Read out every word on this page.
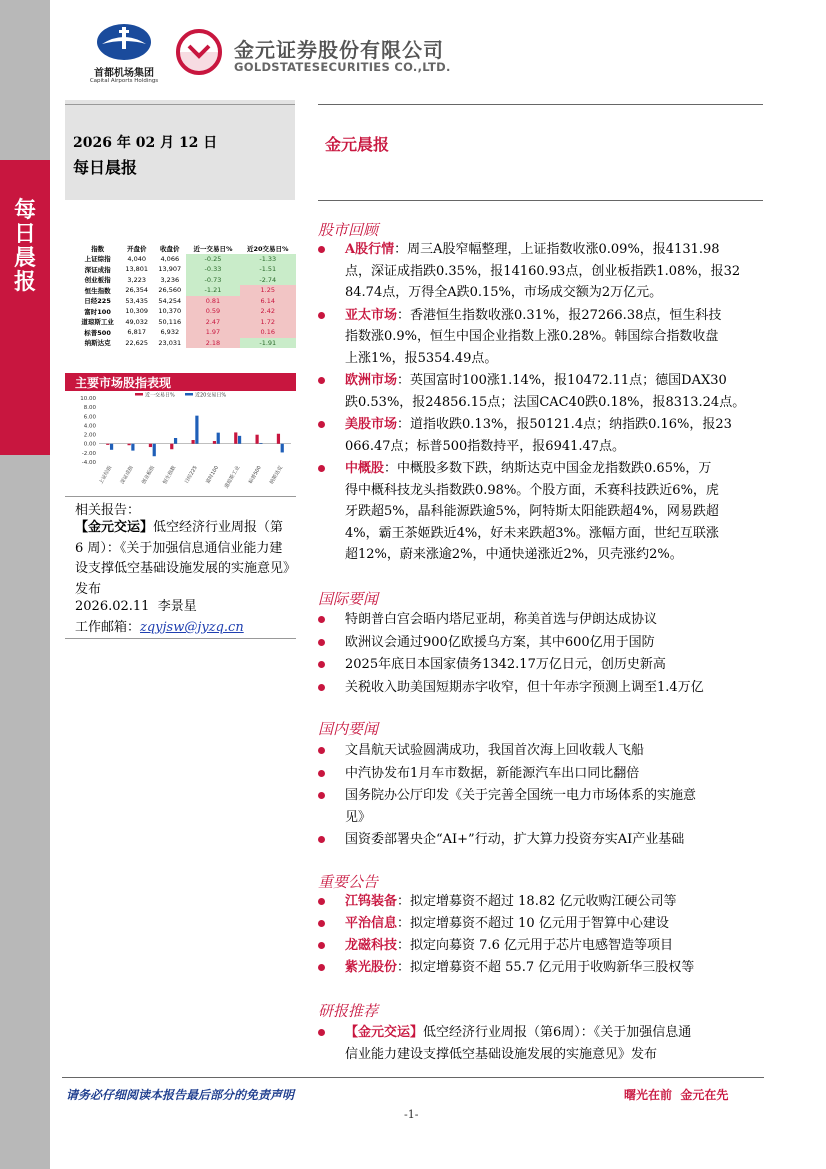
每日晨报
首都机场集团
Capital Airports Holdings
金元证券股份有限公司
GOLDSTATESECURITIES CO.,LTD.
2026 年 02 月 12 日
每日晨报
指数	开盘价	收盘价	近一交易日%	近20交易日%
上证综指	4,040	4,066	-0.25	-1.33
深证成指	13,801	13,907	-0.33	-1.51
创业板指	3,223	3,236	-0.73	-2.74
恒生指数	26,354	26,560	-1.21	1.25
日经225	53,435	54,254	0.81	6.14
富时100	10,309	10,370	0.59	2.42
道琼斯工业	49,032	50,116	2.47	1.72
标普500	6,817	6,932	1.97	0.16
纳斯达克	22,625	23,031	2.18	-1.91
主要市场股指表现
10.00
8.00
6.00
4.00
2.00
0.00
-2.00
-4.00
上证综指 深证成指 创业板指 恒生指数 日经225 富时100 道琼斯工业 标普500 纳斯达克
近一交易日%	近20交易日%
相关报告：
【金元交运】低空经济行业周报（第 6 周）：《关于加强信息通信业能力建设支撑低空基础设施发展的实施意见》发布
2026.02.11  李景星
工作邮箱：zqyjsw@jyzq.cn
金元晨报
股市回顾
A股行情：周三A股窄幅整理，上证指数收涨0.09%，报4131.98
点，深证成指跌0.35%，报14160.93点，创业板指跌1.08%，报32
84.74点，万得全A跌0.15%，市场成交额为2万亿元。
亚太市场：香港恒生指数收涨0.31%，报27266.38点，恒生科技
指数涨0.9%，恒生中国企业指数上涨0.28%。韩国综合指数收盘
上涨1%，报5354.49点。
欧洲市场：英国富时100涨1.14%，报10472.11点；德国DAX30
跌0.53%，报24856.15点；法国CAC40跌0.18%，报8313.24点。
美股市场：道指收跌0.13%，报50121.4点；纳指跌0.16%，报23
066.47点；标普500指数持平，报6941.47点。
中概股：中概股多数下跌，纳斯达克中国金龙指数跌0.65%，万
得中概科技龙头指数跌0.98%。个股方面，禾赛科技跌近6%，虎
牙跌超5%，晶科能源跌逾5%，阿特斯太阳能跌超4%，网易跌超
4%，霸王茶姬跌近4%，好未来跌超3%。涨幅方面，世纪互联涨
超12%，蔚来涨逾2%，中通快递涨近2%，贝壳涨约2%。
国际要闻
特朗普白宫会晤内塔尼亚胡，称美首选与伊朗达成协议
欧洲议会通过900亿欧援乌方案，其中600亿用于国防
2025年底日本国家债务1342.17万亿日元，创历史新高
关税收入助美国短期赤字收窄，但十年赤字预测上调至1.4万亿
国内要闻
文昌航天试验圆满成功，我国首次海上回收载人飞船
中汽协发布1月车市数据，新能源汽车出口同比翻倍
国务院办公厅印发《关于完善全国统一电力市场体系的实施意
见》
国资委部署央企“AI+”行动，扩大算力投资夯实AI产业基础
重要公告
江钨装备：拟定增募资不超过 18.82 亿元收购江硬公司等
平治信息：拟定增募资不超过 10 亿元用于智算中心建设
龙磁科技：拟定向募资 7.6 亿元用于芯片电感智造等项目
紫光股份：拟定增募资不超 55.7 亿元用于收购新华三股权等
研报推荐
【金元交运】低空经济行业周报（第6周）：《关于加强信息通
信业能力建设支撑低空基础设施发展的实施意见》发布
请务必仔细阅读本报告最后部分的免责声明	曙光在前  金元在先
-1-
